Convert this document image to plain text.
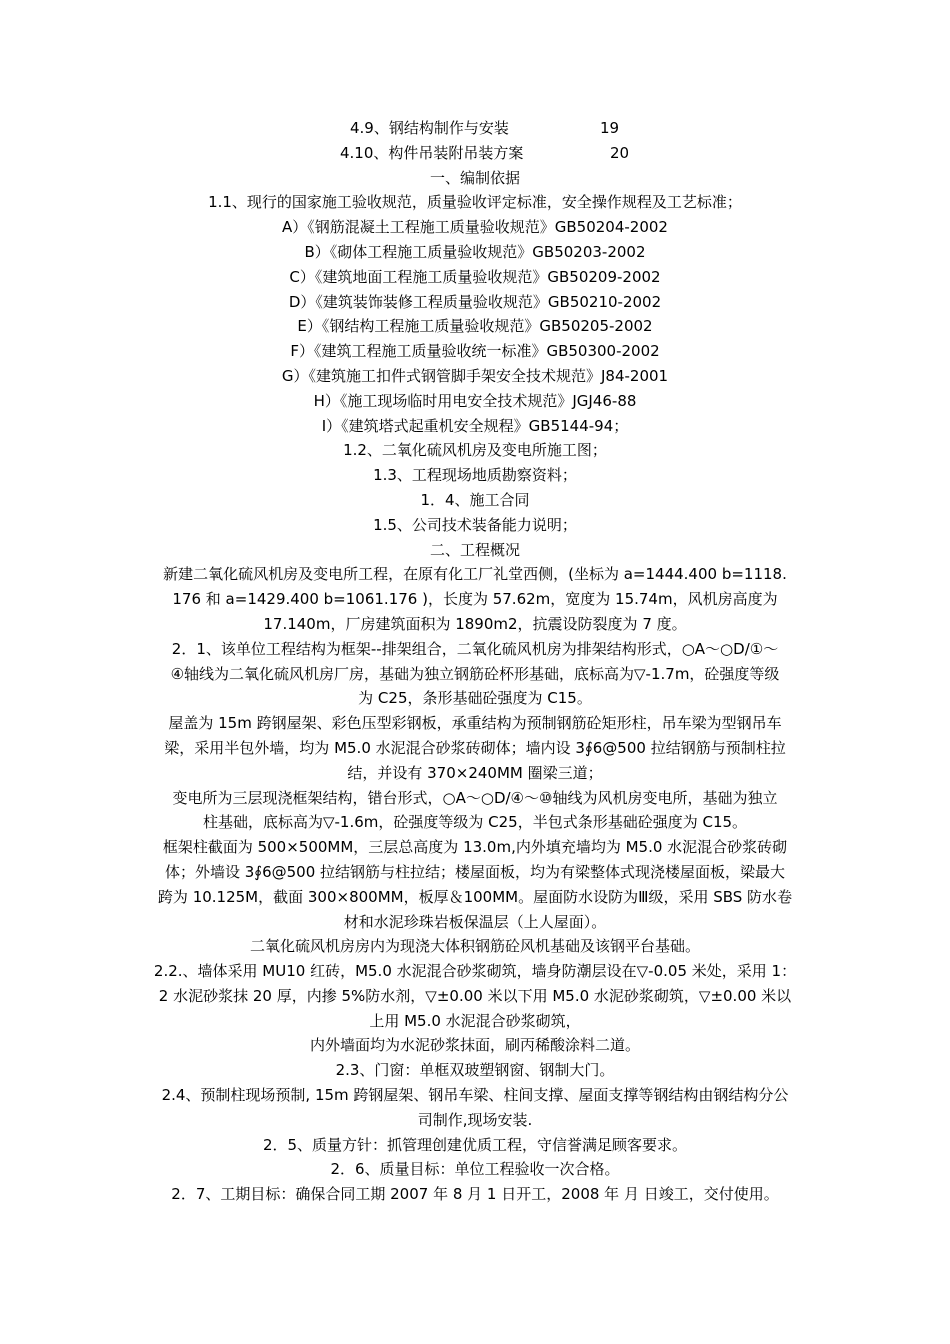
4.9、钢结构制作与安装	19
4.10、构件吊装附吊装方案	20
一、编制依据
1.1、现行的国家施工验收规范，质量验收评定标准，安全操作规程及工艺标准；
A）《钢筋混凝土工程施工质量验收规范》GB50204-2002
B）《砌体工程施工质量验收规范》GB50203-2002
C）《建筑地面工程施工质量验收规范》GB50209-2002
D）《建筑装饰装修工程质量验收规范》GB50210-2002
E）《钢结构工程施工质量验收规范》GB50205-2002
F）《建筑工程施工质量验收统一标准》GB50300-2002
G）《建筑施工扣件式钢管脚手架安全技术规范》J84-2001
H）《施工现场临时用电安全技术规范》JGJ46-88
I）《建筑塔式起重机安全规程》GB5144-94；
1.2、二氧化硫风机房及变电所施工图；
1.3、工程现场地质勘察资料；
1．4、施工合同
1.5、公司技术装备能力说明；
二、工程概况
新建二氧化硫风机房及变电所工程，在原有化工厂礼堂西侧，(坐标为 a=1444.400 b=1118.
176 和 a=1429.400 b=1061.176 )，长度为 57.62m，宽度为 15.74m，风机房高度为
17.140m，厂房建筑面积为 1890m2，抗震设防裂度为 7 度。
2．1、该单位工程结构为框架--排架组合，二氧化硫风机房为排架结构形式，○A～○D/①～
④轴线为二氧化硫风机房厂房，基础为独立钢筋砼杯形基础，底标高为▽-1.7m，砼强度等级
为 C25，条形基础砼强度为 C15。
屋盖为 15m 跨钢屋架、彩色压型彩钢板，承重结构为预制钢筋砼矩形柱，吊车梁为型钢吊车
梁，采用半包外墙，均为 M5.0 水泥混合砂浆砖砌体；墙内设 3∮6@500 拉结钢筋与预制柱拉
结，并设有 370×240MM 圈梁三道；
变电所为三层现浇框架结构，错台形式，○A～○D/④～⑩轴线为风机房变电所，基础为独立
柱基础，底标高为▽-1.6m，砼强度等级为 C25，半包式条形基础砼强度为 C15。
框架柱截面为 500×500MM，三层总高度为 13.0m,内外填充墙均为 M5.0 水泥混合砂浆砖砌
体；外墙设 3∮6@500 拉结钢筋与柱拉结；楼屋面板，均为有梁整体式现浇楼屋面板，梁最大
跨为 10.125M，截面 300×800MM，板厚＆100MM。屋面防水设防为Ⅲ级，采用 SBS 防水卷
材和水泥珍珠岩板保温层（上人屋面）。
二氧化硫风机房房内为现浇大体积钢筋砼风机基础及该钢平台基础。
2.2.、墙体采用 MU10 红砖，M5.0 水泥混合砂浆砌筑，墙身防潮层设在▽-0.05 米处，采用 1：
2 水泥砂浆抹 20 厚，内掺 5%防水剂，▽±0.00 米以下用 M5.0 水泥砂浆砌筑，▽±0.00 米以
上用 M5.0 水泥混合砂浆砌筑，
内外墙面均为水泥砂浆抹面，刷丙稀酸涂料二道。
2.3、门窗：单框双玻塑钢窗、钢制大门。
2.4、预制柱现场预制, 15m 跨钢屋架、钢吊车梁、柱间支撑、屋面支撑等钢结构由钢结构分公
司制作,现场安装.
2．5、质量方针：抓管理创建优质工程，守信誉满足顾客要求。
2．6、质量目标：单位工程验收一次合格。
2．7、工期目标：确保合同工期 2007 年 8 月 1 日开工，2008 年 月 日竣工，交付使用。
